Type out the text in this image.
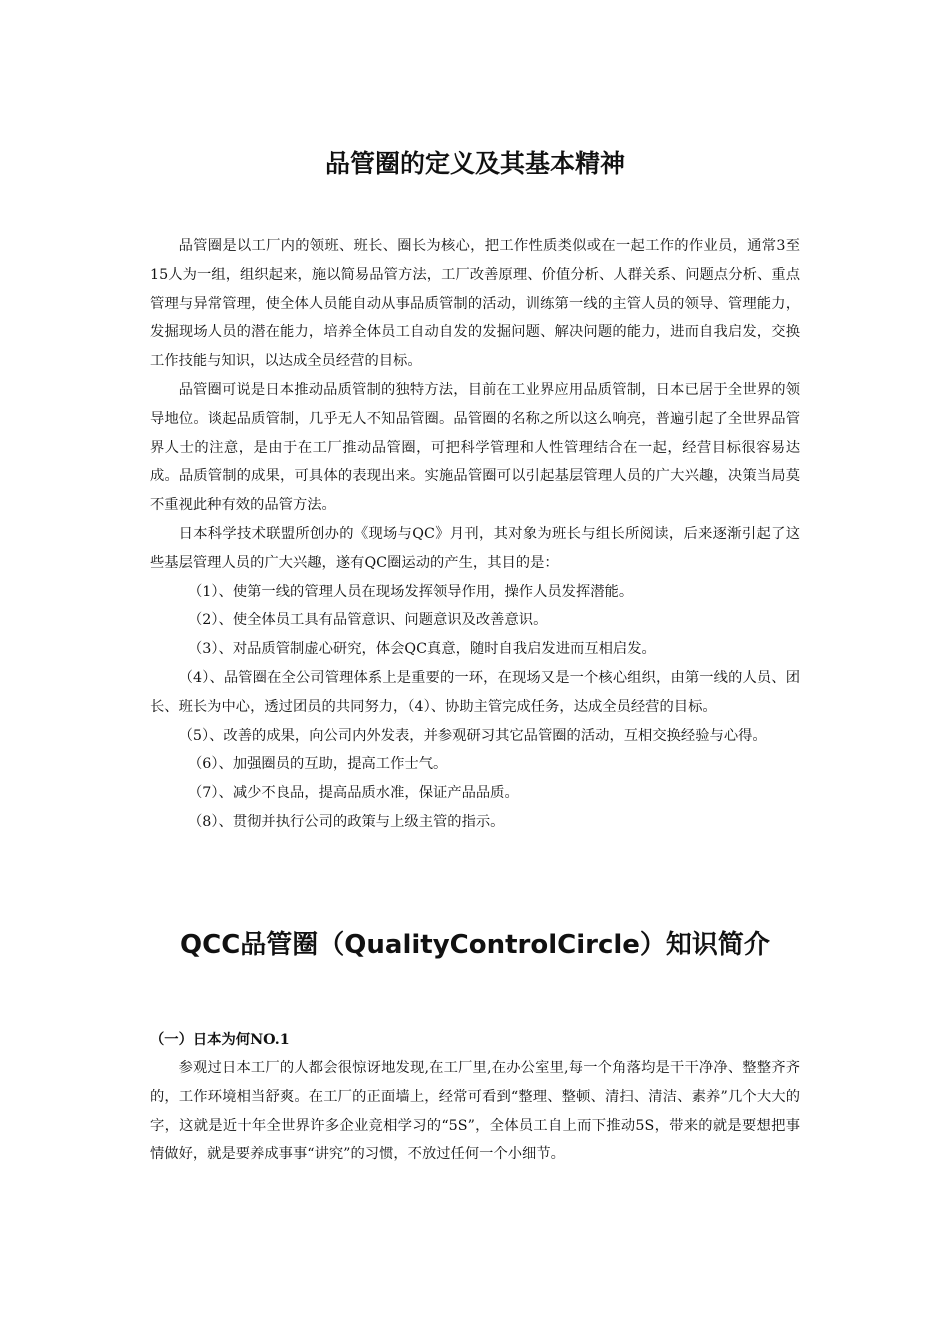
品管圈的定义及其基本精神

品管圈是以工厂内的领班、班长、圈长为核心，把工作性质类似或在一起工作的作业员，通常3至15人为一组，组织起来，施以简易品管方法，工厂改善原理、价值分析、人群关系、问题点分析、重点管理与异常管理，使全体人员能自动从事品质管制的活动，训练第一线的主管人员的领导、管理能力，发掘现场人员的潜在能力，培养全体员工自动自发的发掘问题、解决问题的能力，进而自我启发，交换工作技能与知识，以达成全员经营的目标。

品管圈可说是日本推动品质管制的独特方法，目前在工业界应用品质管制，日本已居于全世界的领导地位。谈起品质管制，几乎无人不知品管圈。品管圈的名称之所以这么响亮，普遍引起了全世界品管界人士的注意，是由于在工厂推动品管圈，可把科学管理和人性管理结合在一起，经营目标很容易达成。品质管制的成果，可具体的表现出来。实施品管圈可以引起基层管理人员的广大兴趣，决策当局莫不重视此种有效的品管方法。

日本科学技术联盟所创办的《现场与QC》月刊，其对象为班长与组长所阅读，后来逐渐引起了这些基层管理人员的广大兴趣，遂有QC圈运动的产生，其目的是：

（1）、使第一线的管理人员在现场发挥领导作用，操作人员发挥潜能。

（2）、使全体员工具有品管意识、问题意识及改善意识。

（3）、对品质管制虚心研究，体会QC真意，随时自我启发进而互相启发。

（4）、品管圈在全公司管理体系上是重要的一环，在现场又是一个核心组织，由第一线的人员、团长、班长为中心，透过团员的共同努力，（4）、协助主管完成任务，达成全员经营的目标。

（5）、改善的成果，向公司内外发表，并参观研习其它品管圈的活动，互相交换经验与心得。

（6）、加强圈员的互助，提高工作士气。

（7）、减少不良品，提高品质水准，保证产品品质。

（8）、贯彻并执行公司的政策与上级主管的指示。

QCC品管圈（QualityControlCircle）知识简介

（一）日本为何NO.1

参观过日本工厂的人都会很惊讶地发现,在工厂里,在办公室里,每一个角落均是干干净净、整整齐齐的，工作环境相当舒爽。在工厂的正面墙上，经常可看到“整理、整顿、清扫、清洁、素养”几个大大的字，这就是近十年全世界许多企业竞相学习的“5S”，全体员工自上而下推动5S，带来的就是要想把事情做好，就是要养成事事“讲究”的习惯，不放过任何一个小细节。
